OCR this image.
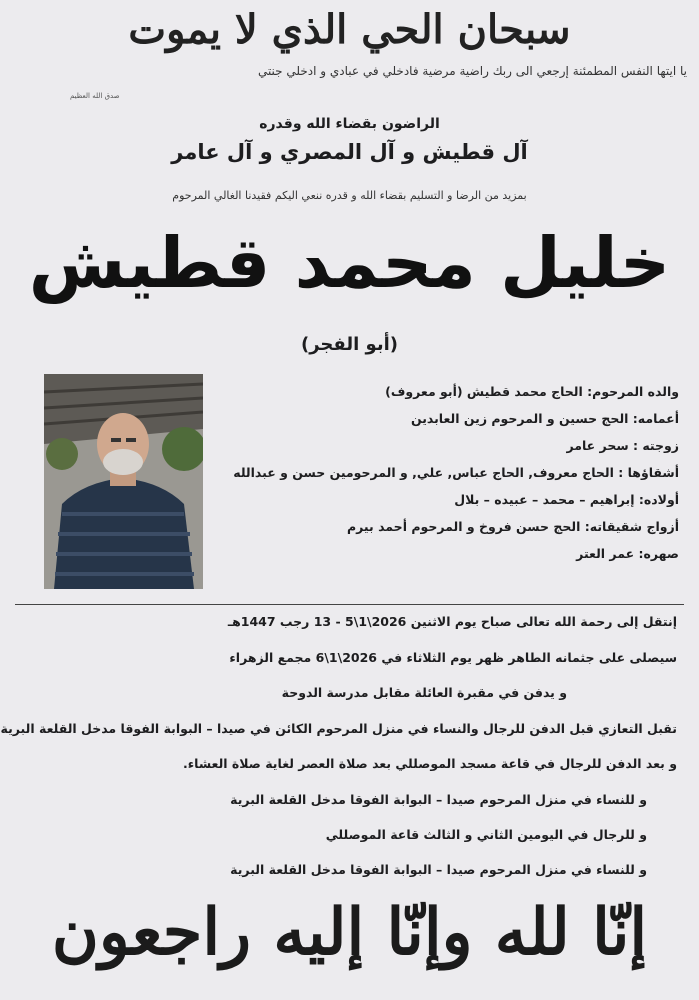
سبحان الحي الذي لا يموت
يا ايتها النفس المطمئنة إرجعي الى ربك راضية مرضية فادخلي في عبادي و ادخلي جنتي
صدق الله العظيم
الراضون بقضاء الله وقدره
آل قطيش و آل المصري و آل عامر
بمزيد من الرضا و التسليم بقضاء الله و قدره ننعي اليكم فقيدنا الغالي المرحوم
خليل محمد قطيش
(أبو الفجر)
والده المرحوم: الحاج محمد قطيش (أبو معروف)
أعمامه: الحج حسين و المرحوم زين العابدين
زوجته : سحر عامر
أشقاؤها : الحاج معروف, الحاج عباس, علي, و المرحومين حسن و عبدالله
أولاده: إبراهيم – محمد – عبيده – بلال
أزواج شقيقاته: الحج حسن فروخ و المرحوم أحمد بيرم
صهره: عمر العتر
إنتقل إلى رحمة الله تعالى صباح يوم الاثنين 2026\1\5 - 13 رجب 1447هـ
سيصلى على جثمانه الطاهر ظهر يوم الثلاثاء في 2026\1\6 مجمع الزهراء
و يدفن في مقبرة العائلة مقابل مدرسة الدوحة
تقبل التعازي قبل الدفن للرجال والنساء في منزل المرحوم الكائن في صيدا – البوابة الفوقا مدخل القلعة البرية
و بعد الدفن للرجال في قاعة مسجد الموصللي بعد صلاة العصر لغاية صلاة العشاء.
و للنساء في منزل المرحوم صيدا – البوابة الفوقا مدخل القلعة البرية
و للرجال في اليومين الثاني و الثالث قاعة الموصللي
و للنساء في منزل المرحوم صيدا – البوابة الفوقا مدخل القلعة البرية
إنّا لله وإنّا إليه راجعون
